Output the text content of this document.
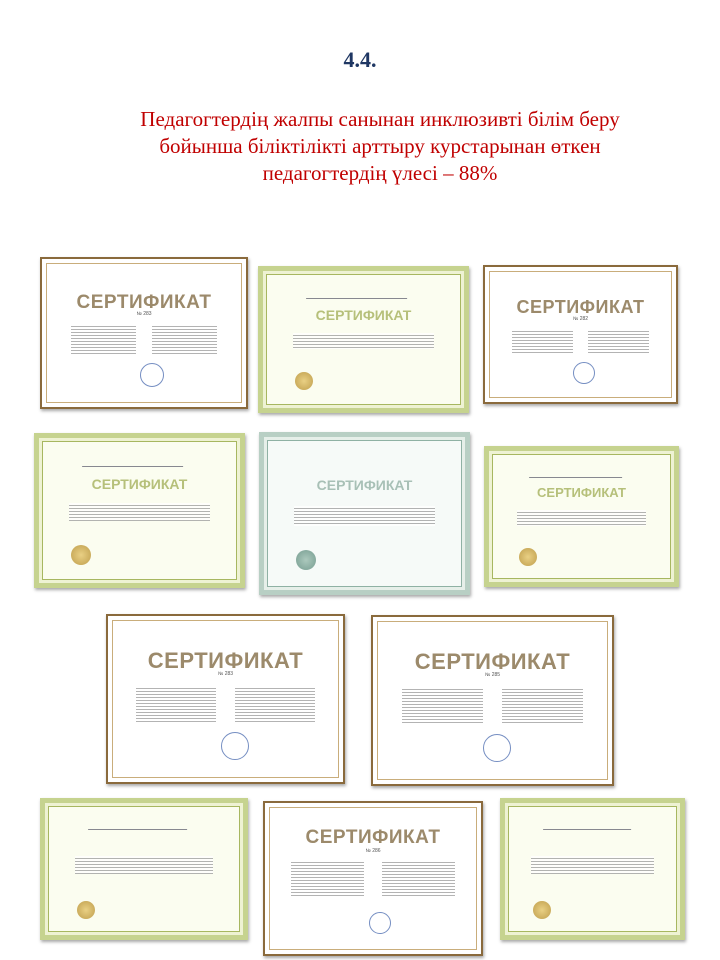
4.4.
Педагогтердің жалпы санынан инклюзивті білім беру
бойынша біліктілікті арттыру курстарынан өткен
педагогтердің үлесі – 88%
СЕРТИФИКАТ
№ 283	СЕРТИФИКАТ	СЕРТИФИКАТ
№ 282
СЕРТИФИКАТ	СЕРТИФИКАТ	СЕРТИФИКАТ
СЕРТИФИКАТ
№ 283
СЕРТИФИКАТ
№ 285
СЕРТИФИКАТ
№ 286
